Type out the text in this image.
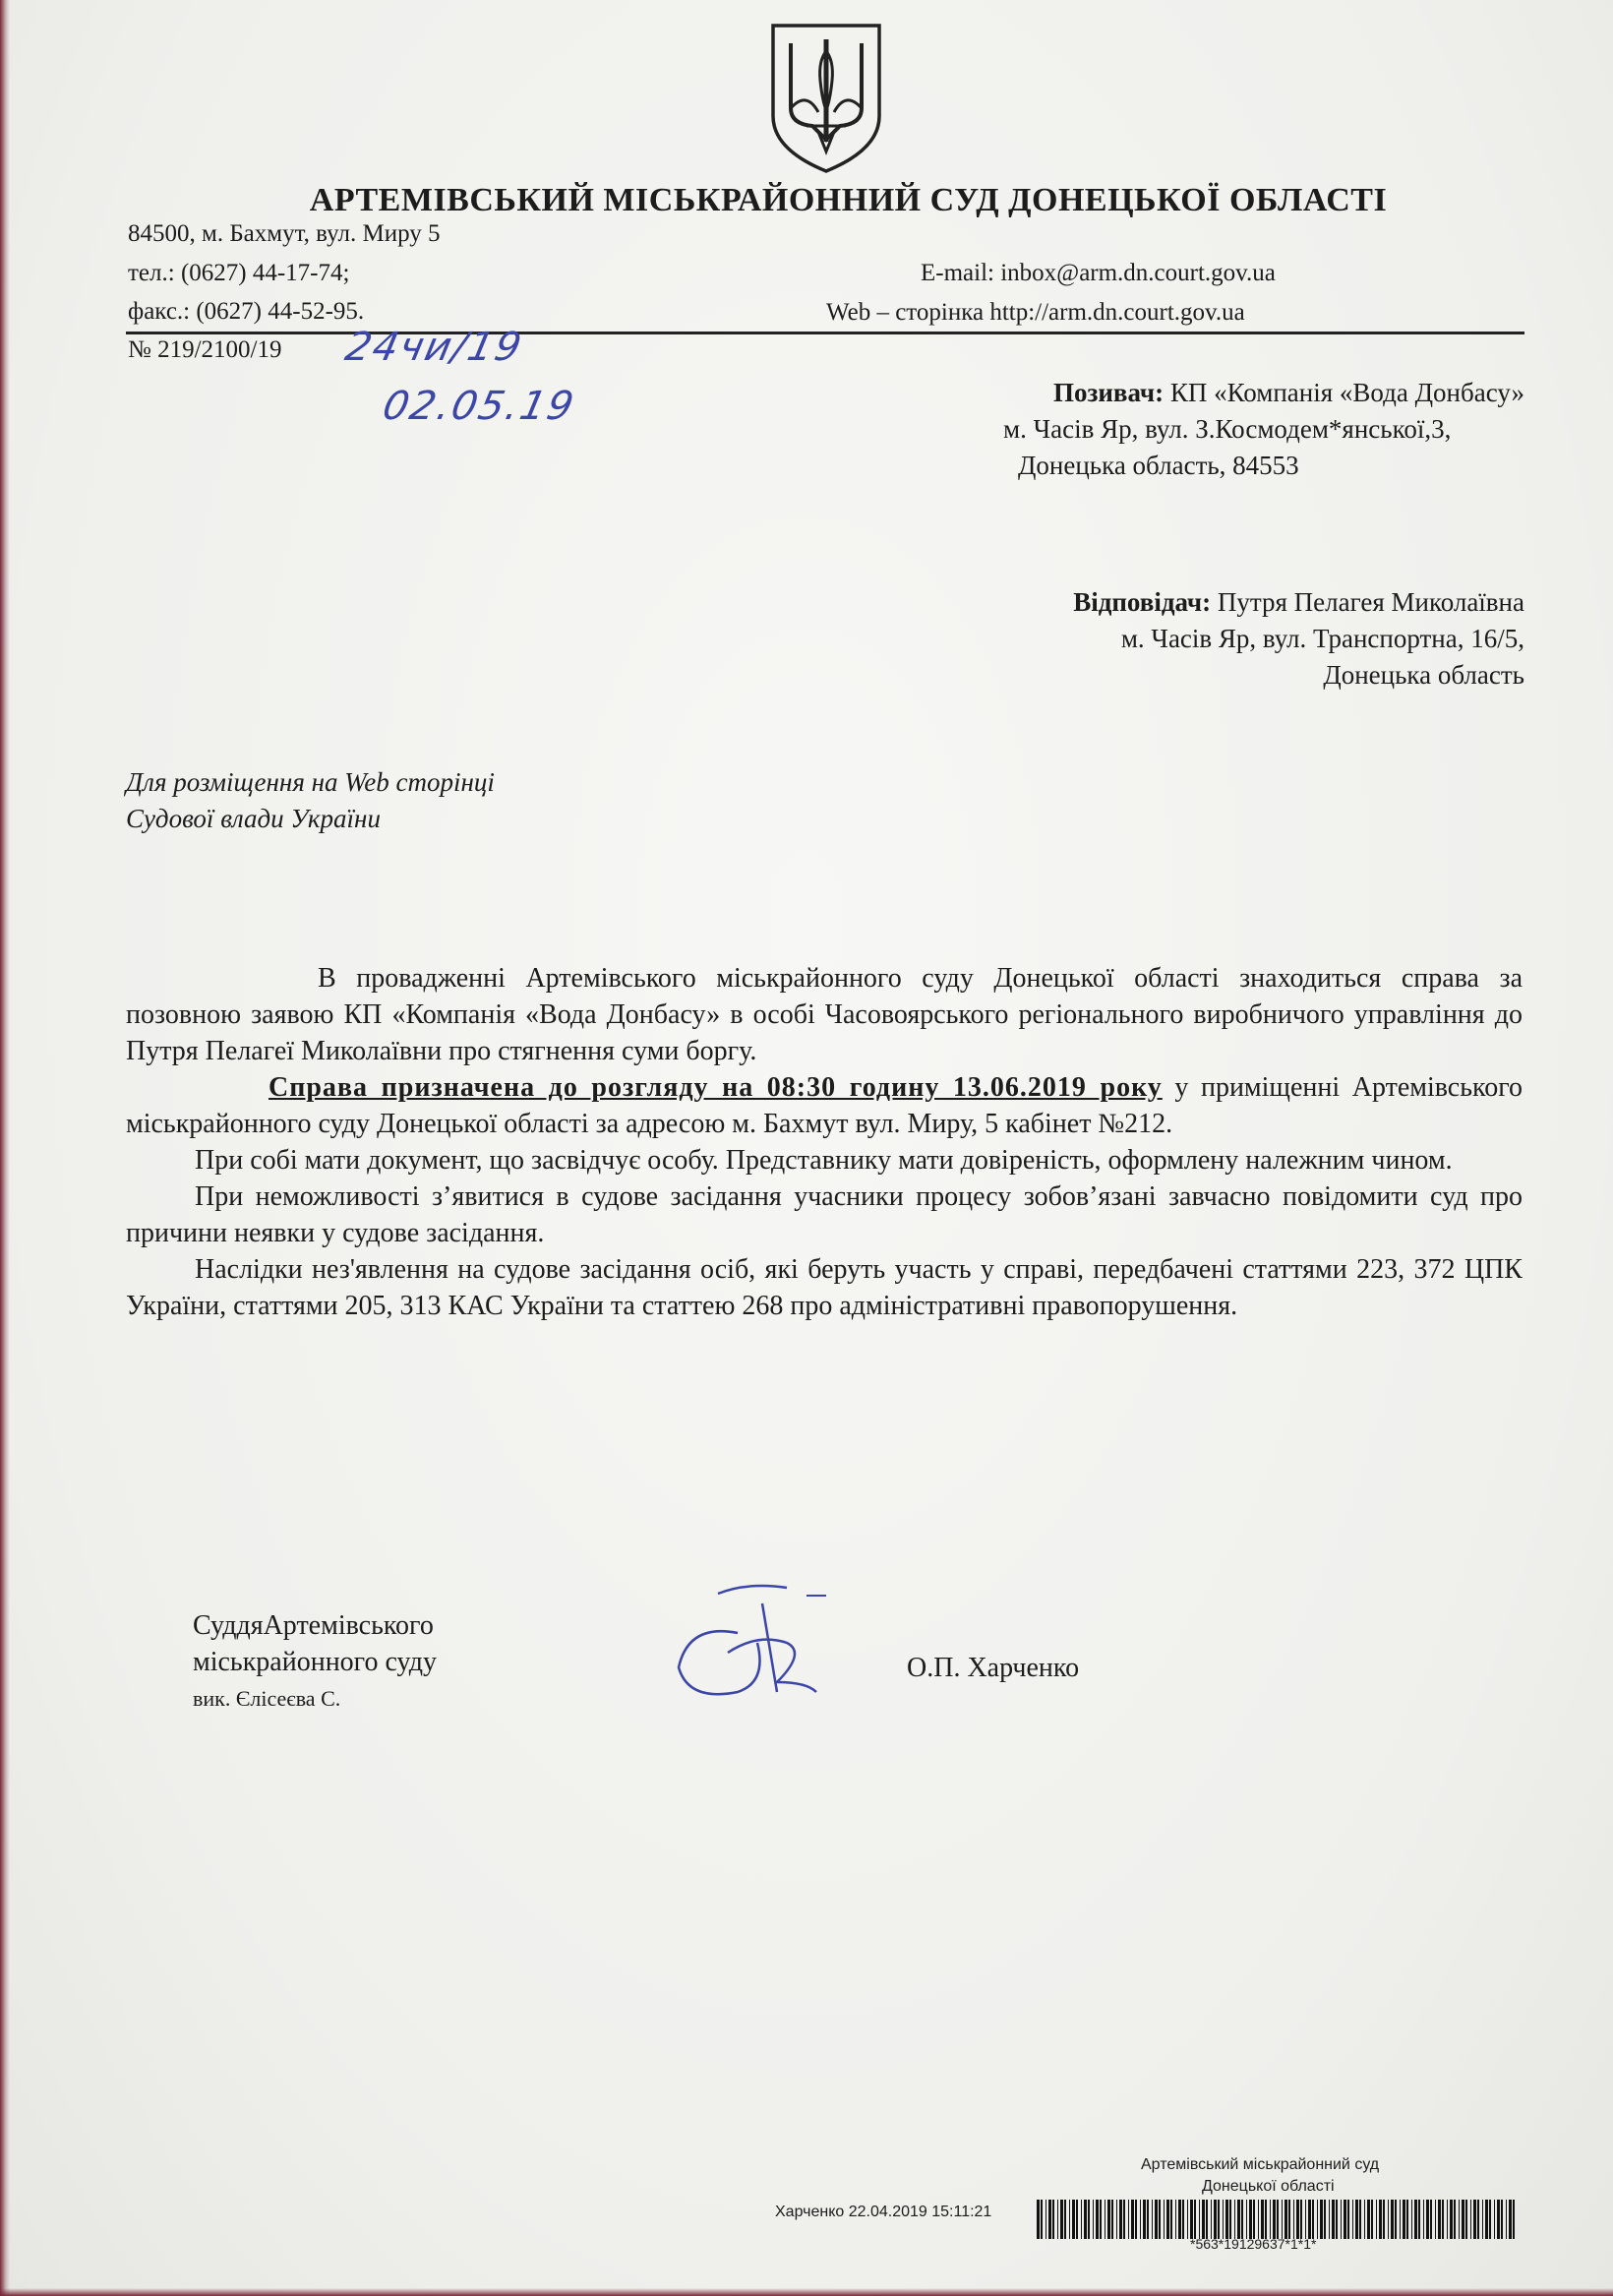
АРТЕМІВСЬКИЙ МІСЬКРАЙОННИЙ СУД ДОНЕЦЬКОЇ ОБЛАСТІ
84500, м. Бахмут, вул. Миру 5
тел.: (0627) 44-17-74;
факс.: (0627) 44-52-95.
E-mail: inbox@arm.dn.court.gov.ua
Web – сторінка http://arm.dn.court.gov.ua
№ 219/2100/19 24чи/19
02.05.19	Позивач: КП «Компанія «Вода Донбасу»
м. Часів Яр, вул. З.Космодем*янської,3,
Донецька область, 84553
Відповідач: Путря Пелагея Миколаївна
м. Часів Яр, вул. Транспортна, 16/5,
Донецька область
Для розміщення на Web сторінці
Судової влади України

В провадженні Артемівського міськрайонного суду Донецької області знаходиться справа за позовною заявою КП «Компанія «Вода Донбасу» в особі Часовоярського регіонального виробничого управління до Путря Пелагеї Миколаївни про стягнення суми боргу.

Справа призначена до розгляду на 08:30 годину 13.06.2019 року у приміщенні Артемівського міськрайонного суду Донецької області за адресою м. Бахмут вул. Миру, 5 кабінет №212.

При собі мати документ, що засвідчує особу. Представнику мати довіреність, оформлену належним чином.

При неможливості з’явитися в судове засідання учасники процесу зобов’язані завчасно повідомити суд про причини неявки у судове засідання.

Наслідки нез'явлення на судове засідання осіб, які беруть участь у справі, передбачені статтями 223, 372 ЦПК України, статтями 205, 313 КАС України та статтею 268 про адміністративні правопорушення.

СуддяАртемівського
міськрайонного суду
вик. Єлісеєва С.
О.П. Харченко
Артемівський міськрайонний суд
Донецької області
Харченко 22.04.2019 15:11:21
*563*19129637*1*1*
